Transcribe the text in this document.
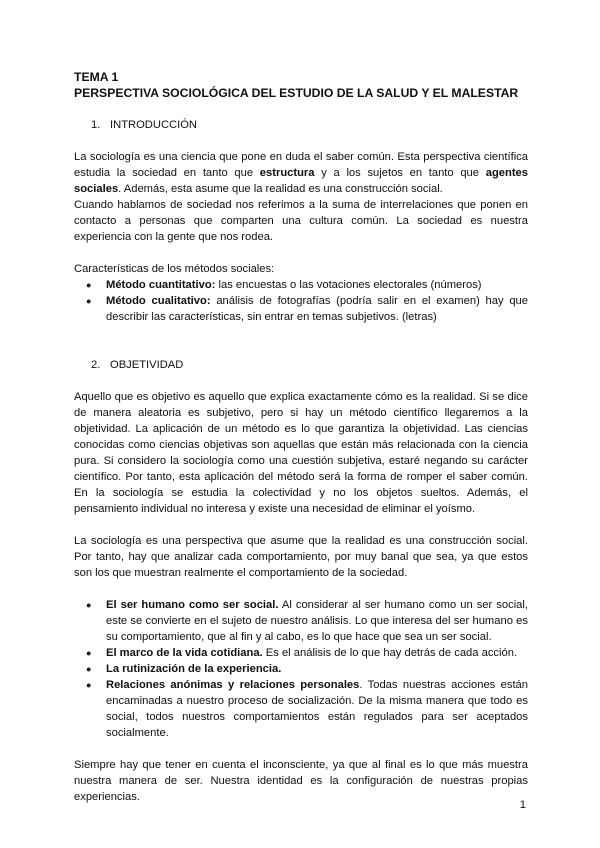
TEMA 1
PERSPECTIVA SOCIOLÓGICA DEL ESTUDIO DE LA SALUD Y EL MALESTAR
1. INTRODUCCIÓN

La sociología es una ciencia que pone en duda el saber común. Esta perspectiva científica estudia la sociedad en tanto que estructura y a los sujetos en tanto que agentes sociales. Además, esta asume que la realidad es una construcción social.

Cuando hablamos de sociedad nos referimos a la suma de interrelaciones que ponen en contacto a personas que comparten una cultura común. La sociedad es nuestra experiencia con la gente que nos rodea.

Características de los métodos sociales:

● Método cuantitativo: las encuestas o las votaciones electorales (números)
● Método cualitativo: análisis de fotografías (podría salir en el examen) hay que describir las características, sin entrar en temas subjetivos. (letras)
2. OBJETIVIDAD

Aquello que es objetivo es aquello que explica exactamente cómo es la realidad. Si se dice de manera aleatoria es subjetivo, pero si hay un método científico llegaremos a la objetividad. La aplicación de un método es lo que garantiza la objetividad. Las ciencias conocidas como ciencias objetivas son aquellas que están más relacionada con la ciencia pura. Si considero la sociología como una cuestión subjetiva, estaré negando su carácter científico. Por tanto, esta aplicación del método será la forma de romper el saber común. En la sociología se estudia la colectividad y no los objetos sueltos. Además, el pensamiento individual no interesa y existe una necesidad de eliminar el yoísmo.

La sociología es una perspectiva que asume que la realidad es una construcción social. Por tanto, hay que analizar cada comportamiento, por muy banal que sea, ya que estos son los que muestran realmente el comportamiento de la sociedad.

● El ser humano como ser social. Al considerar al ser humano como un ser social, este se convierte en el sujeto de nuestro análisis. Lo que interesa del ser humano es su comportamiento, que al fin y al cabo, es lo que hace que sea un ser social.
● El marco de la vida cotidiana. Es el análisis de lo que hay detrás de cada acción.
● La rutinización de la experiencia.
● Relaciones anónimas y relaciones personales. Todas nuestras acciones están encaminadas a nuestro proceso de socialización. De la misma manera que todo es social, todos nuestros comportamientos están regulados para ser aceptados socialmente.

Siempre hay que tener en cuenta el inconsciente, ya que al final es lo que más muestra nuestra manera de ser. Nuestra identidad es la configuración de nuestras propias experiencias.

1
